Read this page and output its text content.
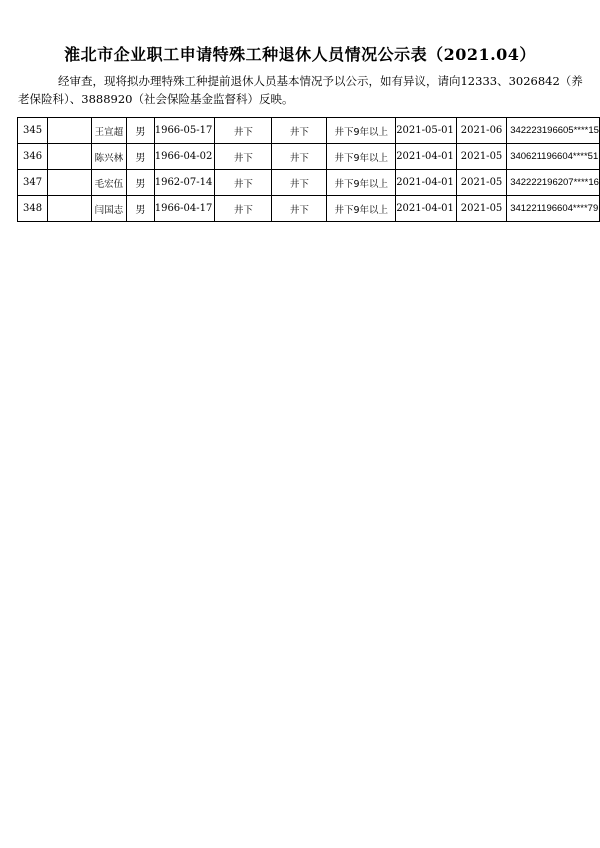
淮北市企业职工申请特殊工种退休人员情况公示表（2021.04）
经审查，现将拟办理特殊工种提前退休人员基本情况予以公示，如有异议，请向12333、3026842（养老保险科）、3888920（社会保险基金监督科）反映。
345		王宣超	男	1966-05-17	井下	井下	井下9年以上	2021-05-01	2021-06	342223196605****15
346		陈兴林	男	1966-04-02	井下	井下	井下9年以上	2021-04-01	2021-05	340621196604****51
347		毛宏伍	男	1962-07-14	井下	井下	井下9年以上	2021-04-01	2021-05	342222196207****16
348		闫国志	男	1966-04-17	井下	井下	井下9年以上	2021-04-01	2021-05	341221196604****79
